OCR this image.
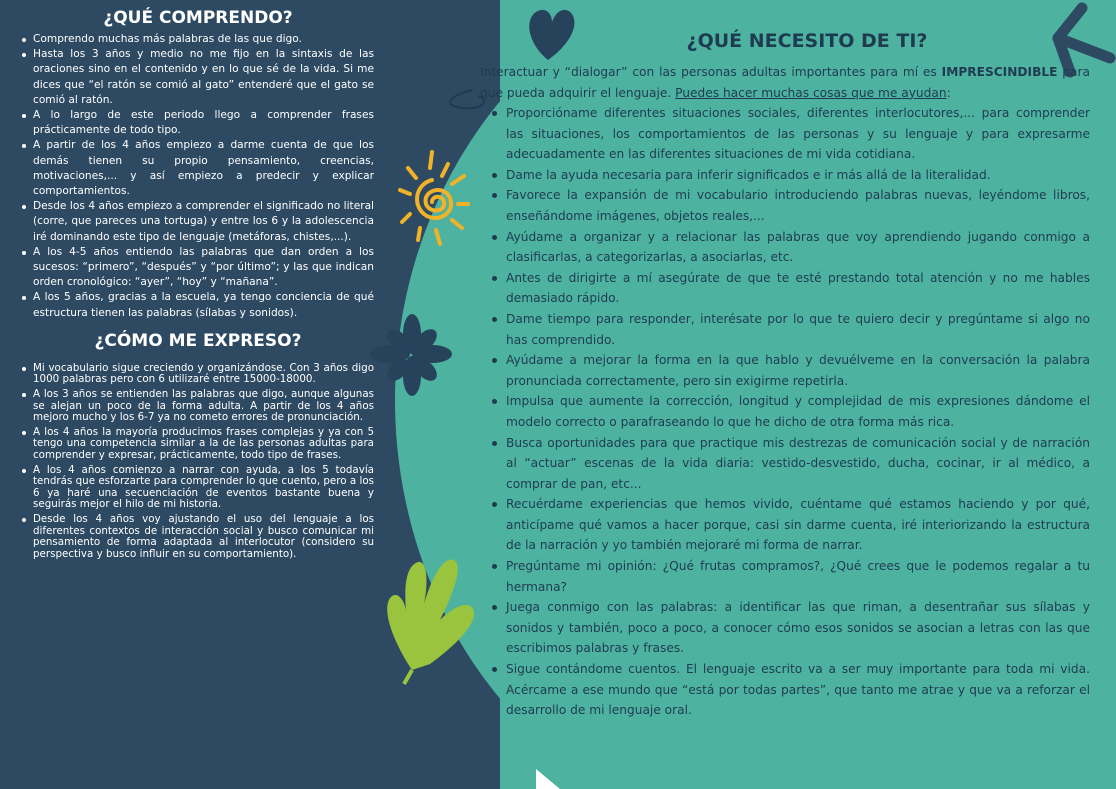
¿QUÉ COMPRENDO?
Comprendo muchas más palabras de las que digo.
Hasta los 3 años y medio no me fijo en la sintaxis de las oraciones sino en el contenido y en lo que sé de la vida. Si me dices que “el ratón se comió al gato” entenderé que el gato se comió al ratón.
A lo largo de este periodo llego a comprender frases prácticamente de todo tipo.
A partir de los 4 años empiezo a darme cuenta de que los demás tienen su propio pensamiento, creencias, motivaciones,... y así empiezo a predecir y explicar comportamientos.
Desde los 4 años empiezo a comprender el significado no literal (corre, que pareces una tortuga) y entre los 6 y la adolescencia iré dominando este tipo de lenguaje (metáforas, chistes,...).
A los 4-5 años entiendo las palabras que dan orden a los sucesos: “primero”, “después” y “por último”; y las que indican orden cronológico: “ayer”, “hoy” y “mañana”.
A los 5 años, gracias a la escuela, ya tengo conciencia de qué estructura tienen las palabras (sílabas y sonidos).
¿CÓMO ME EXPRESO?
Mi vocabulario sigue creciendo y organizándose. Con 3 años digo 1000 palabras pero con 6 utilizaré entre 15000-18000.
A los 3 años se entienden las palabras que digo, aunque algunas se alejan un poco de la forma adulta. A partir de los 4 años mejoro mucho y los 6-7 ya no cometo errores de pronunciación.
A los 4 años la mayoría producimos frases complejas y ya con 5 tengo una competencia similar a la de las personas adultas para comprender y expresar, prácticamente, todo tipo de frases.
A los 4 años comienzo a narrar con ayuda, a los 5 todavía tendrás que esforzarte para comprender lo que cuento, pero a los 6 ya haré una secuenciación de eventos bastante buena y seguirás mejor el hilo de mi historia.
Desde los 4 años voy ajustando el uso del lenguaje a los diferentes contextos de interacción social y busco comunicar mi pensamiento de forma adaptada al interlocutor (considero su perspectiva y busco influir en su comportamiento).
¿QUÉ NECESITO DE TI?

Interactuar y “dialogar” con las personas adultas importantes para mí es IMPRESCINDIBLE para que pueda adquirir el lenguaje. Puedes hacer muchas cosas que me ayudan:

Proporcióname diferentes situaciones sociales, diferentes interlocutores,... para comprender las situaciones, los comportamientos de las personas y su lenguaje y para expresarme adecuadamente en las diferentes situaciones de mi vida cotidiana.
Dame la ayuda necesaria para inferir significados e ir más allá de la literalidad.
Favorece la expansión de mi vocabulario introduciendo palabras nuevas, leyéndome libros, enseñándome imágenes, objetos reales,...
Ayúdame a organizar y a relacionar las palabras que voy aprendiendo jugando conmigo a clasificarlas, a categorizarlas, a asociarlas, etc.
Antes de dirigirte a mí asegúrate de que te esté prestando total atención y no me hables demasiado rápido.
Dame tiempo para responder, interésate por lo que te quiero decir y pregúntame si algo no has comprendido.
Ayúdame a mejorar la forma en la que hablo y devuélveme en la conversación la palabra pronunciada correctamente, pero sin exigirme repetirla.
Impulsa que aumente la corrección, longitud y complejidad de mis expresiones dándome el modelo correcto o parafraseando lo que he dicho de otra forma más rica.
Busca oportunidades para que practique mis destrezas de comunicación social y de narración al “actuar” escenas de la vida diaria: vestido-desvestido, ducha, cocinar, ir al médico, a comprar de pan, etc...
Recuérdame experiencias que hemos vivido, cuéntame qué estamos haciendo y por qué, anticípame qué vamos a hacer porque, casi sin darme cuenta, iré interiorizando la estructura de la narración y yo también mejoraré mi forma de narrar.
Pregúntame mi opinión: ¿Qué frutas compramos?, ¿Qué crees que le podemos regalar a tu hermana?
Juega conmigo con las palabras: a identificar las que riman, a desentrañar sus sílabas y sonidos y también, poco a poco, a conocer cómo esos sonidos se asocian a letras con las que escribimos palabras y frases.
Sigue contándome cuentos. El lenguaje escrito va a ser muy importante para toda mi vida. Acércame a ese mundo que “está por todas partes”, que tanto me atrae y que va a reforzar el desarrollo de mi lenguaje oral.
